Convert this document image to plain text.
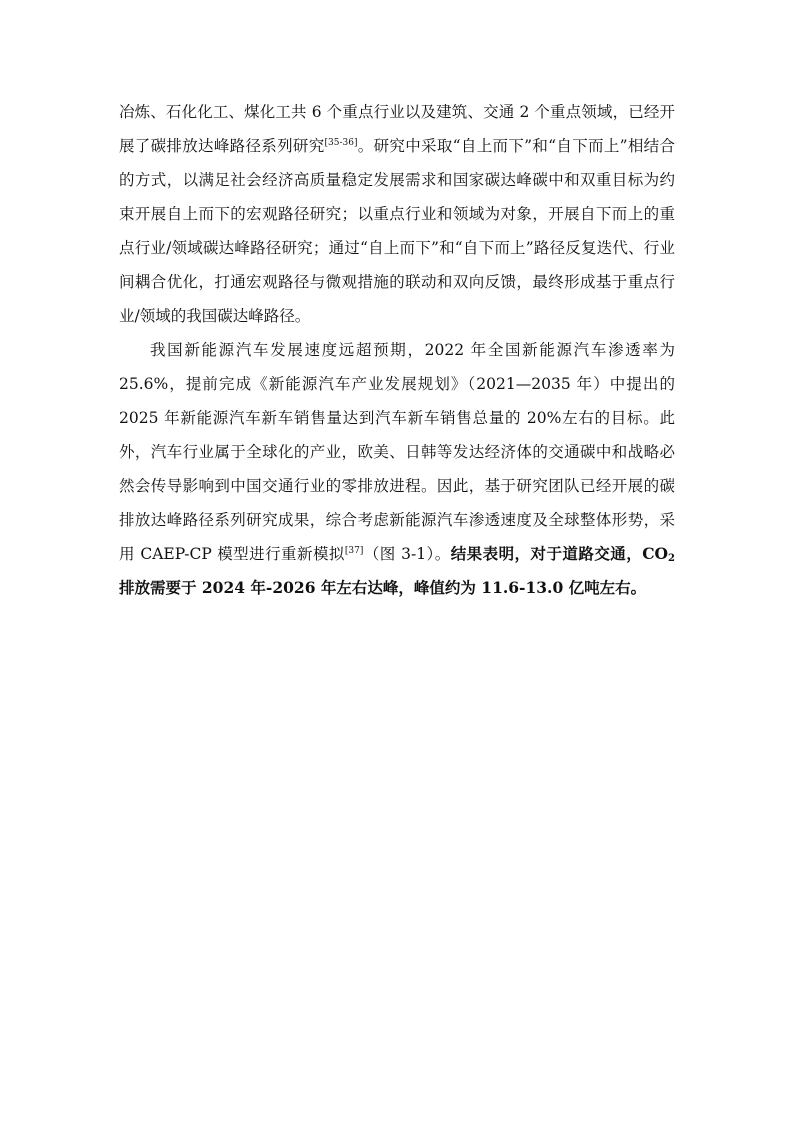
冶炼、石化化工、煤化工共 6 个重点行业以及建筑、交通 2 个重点领域，已经开展了碳排放达峰路径系列研究[35-36]。研究中采取“自上而下”和“自下而上”相结合的方式，以满足社会经济高质量稳定发展需求和国家碳达峰碳中和双重目标为约束开展自上而下的宏观路径研究；以重点行业和领域为对象，开展自下而上的重点行业/领域碳达峰路径研究；通过“自上而下”和“自下而上”路径反复迭代、行业间耦合优化，打通宏观路径与微观措施的联动和双向反馈，最终形成基于重点行业/领域的我国碳达峰路径。

我国新能源汽车发展速度远超预期，2022 年全国新能源汽车渗透率为 25.6%，提前完成《新能源汽车产业发展规划》（2021—2035 年）中提出的 2025 年新能源汽车新车销售量达到汽车新车销售总量的 20%左右的目标。此外，汽车行业属于全球化的产业，欧美、日韩等发达经济体的交通碳中和战略必然会传导影响到中国交通行业的零排放进程。因此，基于研究团队已经开展的碳排放达峰路径系列研究成果，综合考虑新能源汽车渗透速度及全球整体形势，采用 CAEP-CP 模型进行重新模拟[37]（图 3-1）。结果表明，对于道路交通，$CO_2$排放需要于 2024 年-2026 年左右达峰，峰值约为 11.6-13.0 亿吨左右。
